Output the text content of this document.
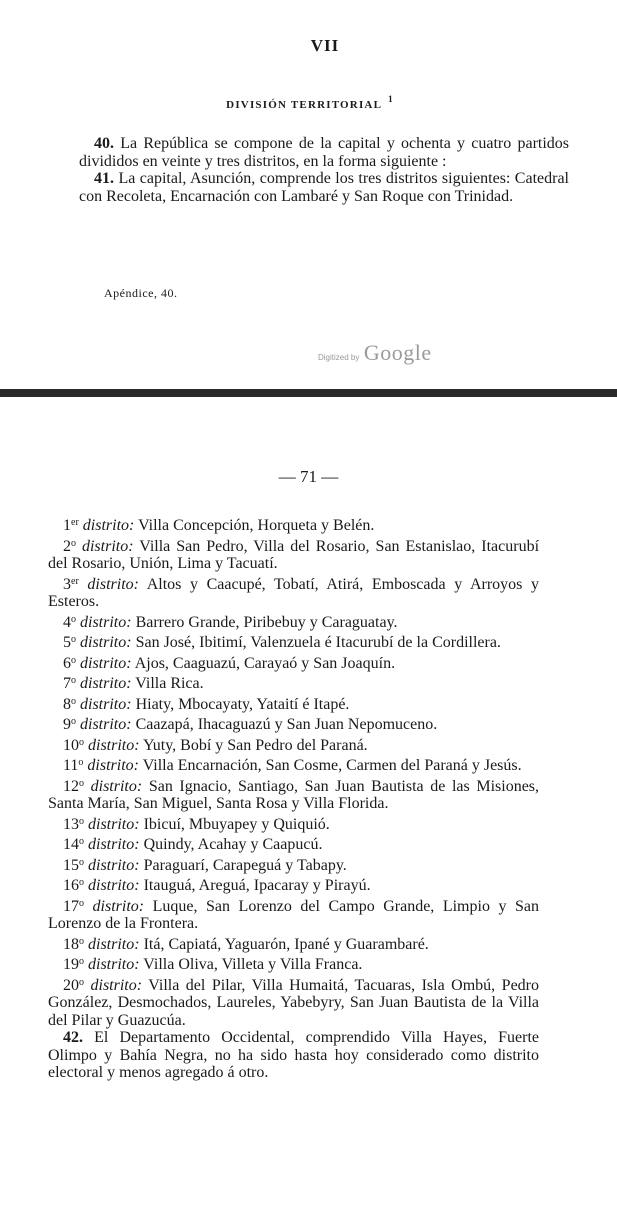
VII
DIVISIÓN TERRITORIAL $^1$

40. La República se compone de la capital y ochenta y cuatro partidos divididos en veinte y tres distritos, en la forma siguiente :

41. La capital, Asunción, comprende los tres distritos siguientes: Catedral con Recoleta, Encarnación con Lambaré y San Roque con Trinidad.

Apéndice, 40.
Digitized by Google
— 71 —

1er distrito: Villa Concepción, Horqueta y Belén.

2$^o$ distrito: Villa San Pedro, Villa del Rosario, San Estanislao, Itacurubí del Rosario, Unión, Lima y Tacuatí.

3er distrito: Altos y Caacupé, Tobatí, Atirá, Emboscada y Arroyos y Esteros.

4$^o$ distrito: Barrero Grande, Piribebuy y Caraguatay.

5$^o$ distrito: San José, Ibitimí, Valenzuela é Itacurubí de la Cordillera.

6$^o$ distrito: Ajos, Caaguazú, Carayaó y San Joaquín.

7$^o$ distrito: Villa Rica.

8$^o$ distrito: Hiaty, Mbocayaty, Yataití é Itapé.

9$^o$ distrito: Caazapá, Ihacaguazú y San Juan Nepomuceno.

10$^o$ distrito: Yuty, Bobí y San Pedro del Paraná.

11$^o$ distrito: Villa Encarnación, San Cosme, Carmen del Paraná y Jesús.

12$^o$ distrito: San Ignacio, Santiago, San Juan Bautista de las Misiones, Santa María, San Miguel, Santa Rosa y Villa Florida.

13$^o$ distrito: Ibicuí, Mbuyapey y Quiquió.

14$^o$ distrito: Quindy, Acahay y Caapucú.

15$^o$ distrito: Paraguarí, Carapeguá y Tabapy.

16$^o$ distrito: Itauguá, Areguá, Ipacaray y Pirayú.

17$^o$ distrito: Luque, San Lorenzo del Campo Grande, Limpio y San Lorenzo de la Frontera.

18$^o$ distrito: Itá, Capiatá, Yaguarón, Ipané y Guarambaré.

19$^o$ distrito: Villa Oliva, Villeta y Villa Franca.

20$^o$ distrito: Villa del Pilar, Villa Humaitá, Tacuaras, Isla Ombú, Pedro González, Desmochados, Laureles, Yabebyry, San Juan Bautista de la Villa del Pilar y Guazucúa.

42. El Departamento Occidental, comprendido Villa Hayes, Fuerte Olimpo y Bahía Negra, no ha sido hasta hoy considerado como distrito electoral y menos agregado á otro.
